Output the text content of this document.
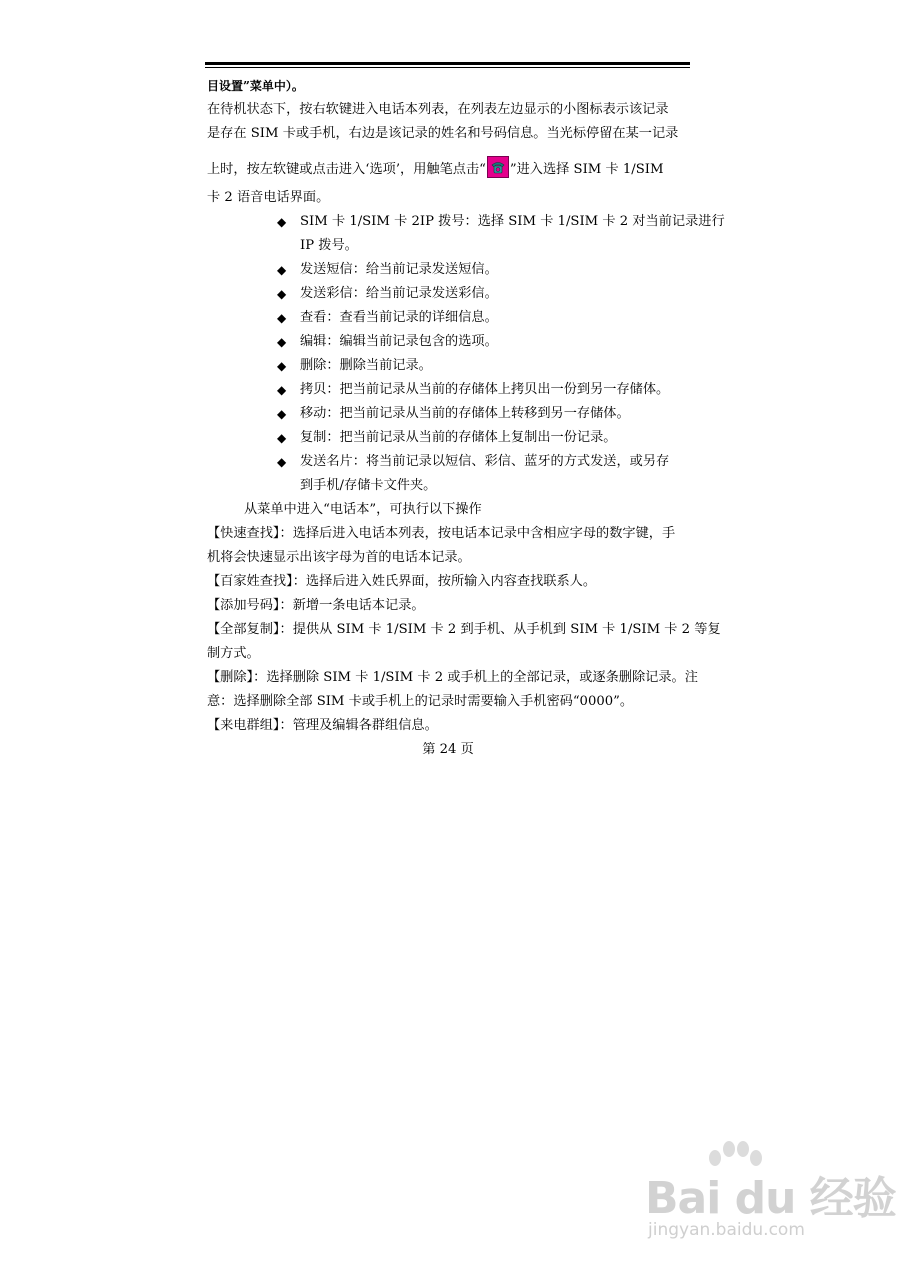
目设置”菜单中）。
在待机状态下，按右软键进入电话本列表，在列表左边显示的小图标表示该记录
是存在 SIM 卡或手机，右边是该记录的姓名和号码信息。当光标停留在某一记录
上时，按左软键或点击进入‘选项’，用触笔点击“ ”进入选择 SIM 卡 1/SIM
卡 2 语音电话界面。
◆ SIM 卡 1/SIM 卡 2IP 拨号：选择 SIM 卡 1/SIM 卡 2 对当前记录进行
IP 拨号。
◆ 发送短信：给当前记录发送短信。
◆ 发送彩信：给当前记录发送彩信。
◆ 查看：查看当前记录的详细信息。
◆ 编辑：编辑当前记录包含的选项。
◆ 删除：删除当前记录。
◆ 拷贝：把当前记录从当前的存储体上拷贝出一份到另一存储体。
◆ 移动：把当前记录从当前的存储体上转移到另一存储体。
◆ 复制：把当前记录从当前的存储体上复制出一份记录。
◆ 发送名片：将当前记录以短信、彩信、蓝牙的方式发送，或另存
到手机/存储卡文件夹。
从菜单中进入“电话本”，可执行以下操作
【快速查找】：选择后进入电话本列表，按电话本记录中含相应字母的数字键，手
机将会快速显示出该字母为首的电话本记录。
【百家姓查找】：选择后进入姓氏界面，按所输入内容查找联系人。
【添加号码】：新增一条电话本记录。
【全部复制】：提供从 SIM 卡 1/SIM 卡 2 到手机、从手机到 SIM 卡 1/SIM 卡 2 等复
制方式。
【删除】：选择删除 SIM 卡 1/SIM 卡 2 或手机上的全部记录，或逐条删除记录。注
意：选择删除全部 SIM 卡或手机上的记录时需要输入手机密码“0000”。
【来电群组】：管理及编辑各群组信息。
第 24 页
Bai du 经验
jingyan.baidu.com
